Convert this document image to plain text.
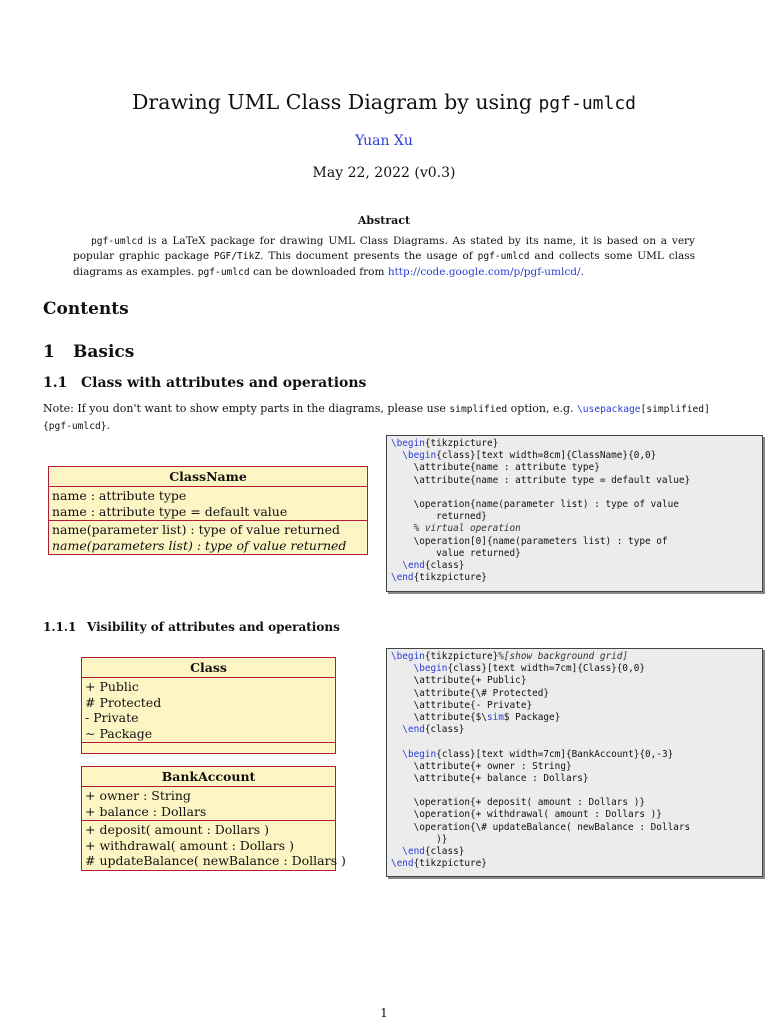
Drawing UML Class Diagram by using pgf-umlcd
Yuan Xu
May 22, 2022 (v0.3)
Abstract
pgf-umlcd is a LaTeX package for drawing UML Class Diagrams. As stated by its name, it is based on a very popular graphic package PGF/TikZ. This document presents the usage of pgf-umlcd and collects some UML class diagrams as examples. pgf-umlcd can be downloaded from http://code.google.com/p/pgf-umlcd/.
Contents
1 Basics
1.1 Class with attributes and operations
Note: If you don't want to show empty parts in the diagrams, please use simplified option, e.g. \usepackage[simplified]{pgf-umlcd}.
ClassName
name : attribute type
name : attribute type = default value
name(parameter list) : type of value returned
name(parameters list) : type of value returned
\begin{tikzpicture}
\begin{class}[text width=8cm]{ClassName}{0,0}
\attribute{name : attribute type}
\attribute{name : attribute type = default value}
\operation{name(parameter list) : type of value
returned}
% virtual operation
\operation[0]{name(parameters list) : type of
value returned}
\end{class}
\end{tikzpicture}
1.1.1 Visibility of attributes and operations
Class
+ Public
# Protected
- Private
∼ Package
BankAccount
+ owner : String
+ balance : Dollars
+ deposit( amount : Dollars )
+ withdrawal( amount : Dollars )
# updateBalance( newBalance : Dollars )
\begin{tikzpicture}%[show background grid]
\begin{class}[text width=7cm]{Class}{0,0}
\attribute{+ Public}
\attribute{\# Protected}
\attribute{- Private}
\attribute{$\sim$ Package}
\end{class}
\begin{class}[text width=7cm]{BankAccount}{0,-3}
\attribute{+ owner : String}
\attribute{+ balance : Dollars}
\operation{+ deposit( amount : Dollars )}
\operation{+ withdrawal( amount : Dollars )}
\operation{\# updateBalance( newBalance : Dollars
)}
\end{class}
\end{tikzpicture}
1
